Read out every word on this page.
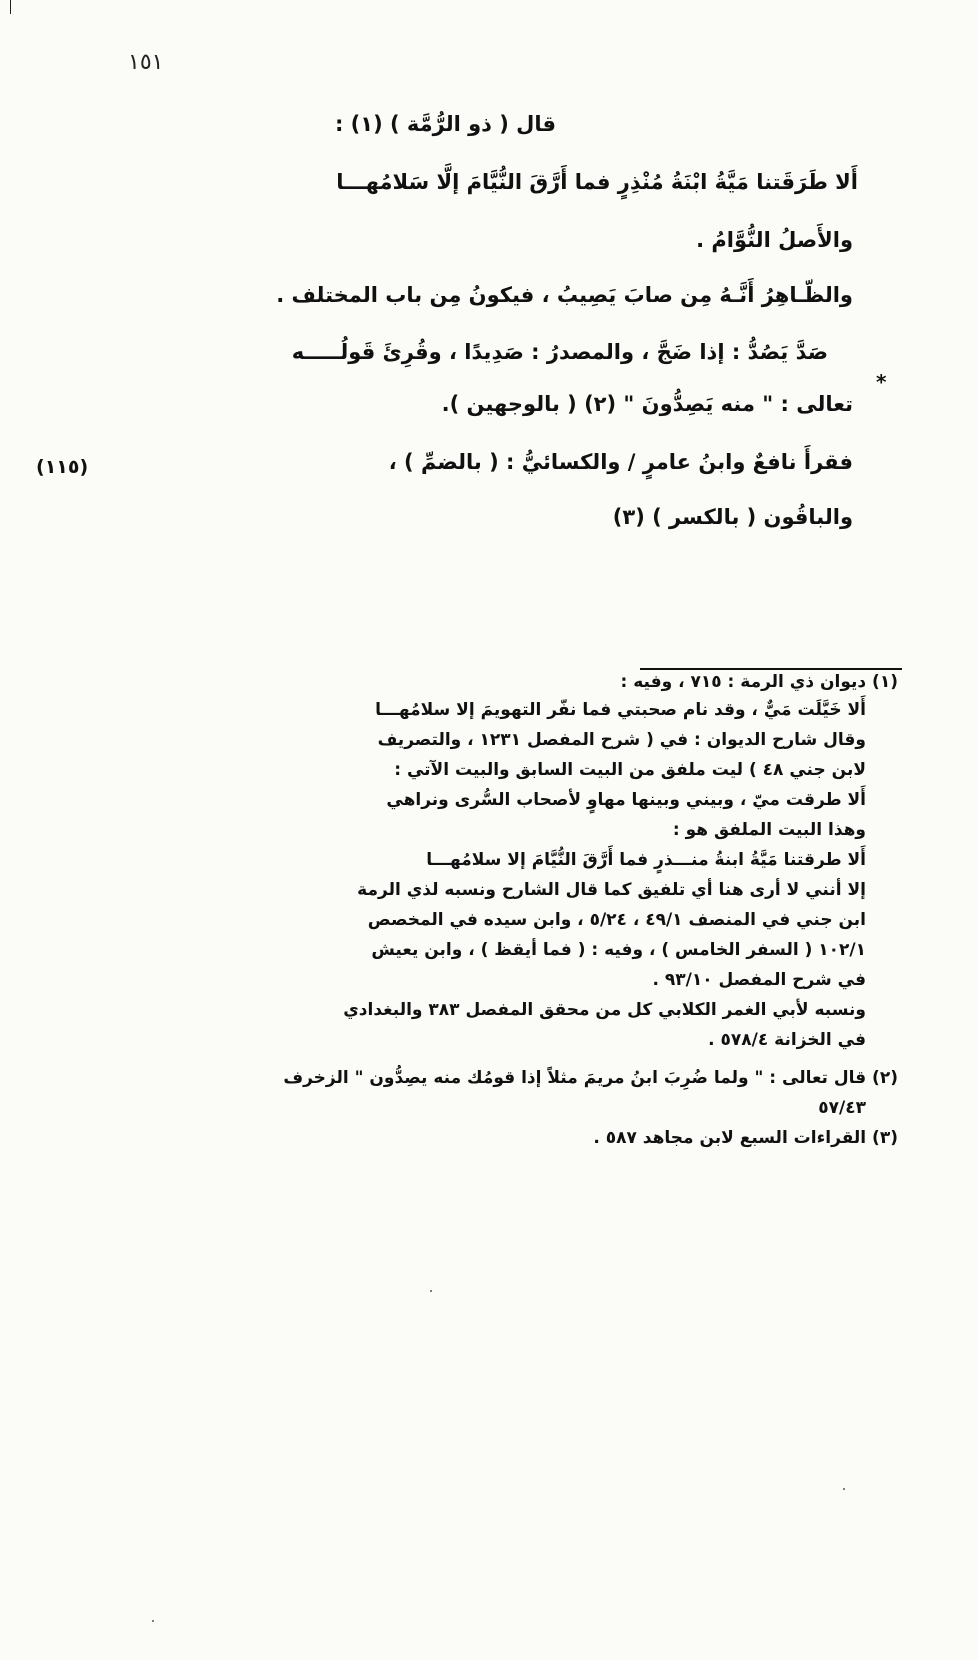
١٥١
قال ( ذو الرُّمَّة ) (١) :
أَلا طَرَقَتنا مَيَّةُ ابْنَةُ مُنْذِرٍ فما أَرَّقَ النُّيَّامَ إلَّا سَلامُهـــا
والأَصلُ النُّوَّامُ .
والظّـاهِرُ أَنَّـهُ مِن صابَ يَصِيبُ ، فيكونُ مِن باب المختلف .
*
صَدَّ يَصُدُّ : إذا ضَجَّ ، والمصدرُ : صَدِيدًا ، وقُرِئَ قَولُـــــه
تعالى : " منه يَصِدُّونَ " (٢) ( بالوجهين ).
فقرأَ نافعٌ وابنُ عامرٍ / والكسائيُّ : ( بالضمِّ ) ،
(١١٥)
والباقُون ( بالكسر ) (٣)
(١) ديوان ذي الرمة : ٧١٥ ، وفيه :
أَلا خَيَّلَت مَيٌّ ، وقد نام صحبتي فما نفّر التهويمَ إلا سلامُهـــا
وقال شارح الديوان : في ( شرح المفصل ١٢٣١ ، والتصريف
لابن جني ٤٨ ) ليت ملفق من البيت السابق والبيت الآتي :
أَلا طرقت ميّ ، وبيني وبينها مهاوٍ لأصحاب السُّرى ونراهي
وهذا البيت الملفق هو :
أَلا طرقتنا مَيَّةُ ابنةُ منـــذرٍ فما أَرَّقَ النُّيَّامَ إلا سلامُهـــا
إلا أنني لا أرى هنا أي تلفيق كما قال الشارح ونسبه لذي الرمة
ابن جني في المنصف ٤٩/١ ، ٥/٢٤ ، وابن سيده في المخصص
١٠٢/١ ( السفر الخامس ) ، وفيه : ( فما أيقظ ) ، وابن يعيش
في شرح المفصل ٩٣/١٠ .
ونسبه لأبي الغمر الكلابي كل من محقق المفصل ٣٨٣ والبغدادي
في الخزانة ٥٧٨/٤ .
(٢) قال تعالى : " ولما ضُرِبَ ابنُ مريمَ مثلاً إذا قومُك منه يصِدُّون " الزخرف
٥٧/٤٣
(٣) القراءات السبع لابن مجاهد ٥٨٧ .
